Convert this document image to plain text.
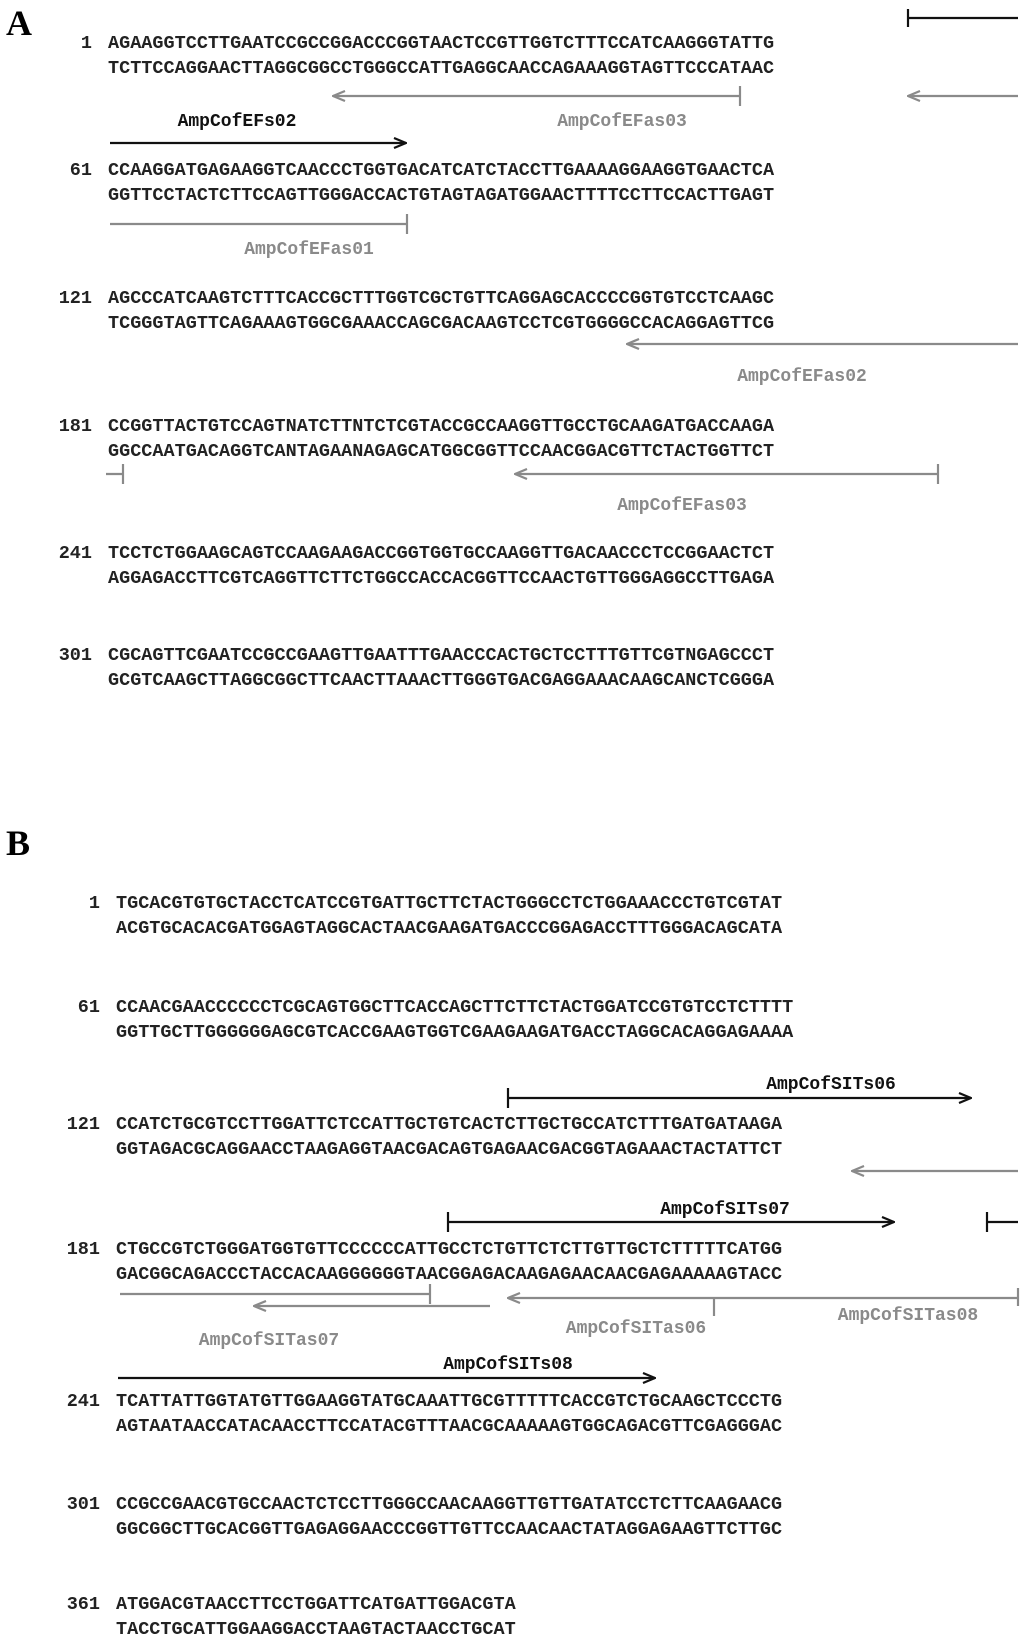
A
1 AGAAGGTCCTTGAATCCGCCGGACCCGGTAACTCCGTTGGTCTTTCCATCAAGGGTATTG
TCTTCCAGGAACTTAGGCGGCCTGGGCCATTGAGGCAACCAGAAAGGTAGTTCCCATAAC
61 CCAAGGATGAGAAGGTCAACCCTGGTGACATCATCTACCTTGAAAAGGAAGGTGAACTCA
GGTTCCTACTCTTCCAGTTGGGACCACTGTAGTAGATGGAACTTTTCCTTCCACTTGAGT
121 AGCCCATCAAGTCTTTCACCGCTTTGGTCGCTGTTCAGGAGCACCCCGGTGTCCTCAAGC
TCGGGTAGTTCAGAAAGTGGCGAAACCAGCGACAAGTCCTCGTGGGGCCACAGGAGTTCG
181 CCGGTTACTGTCCAGTNATCTTNTCTCGTACCGCCAAGGTTGCCTGCAAGATGACCAAGA
GGCCAATGACAGGTCANTAGAANAGAGCATGGCGGTTCCAACGGACGTTCTACTGGTTCT
241 TCCTCTGGAAGCAGTCCAAGAAGACCGGTGGTGCCAAGGTTGACAACCCTCCGGAACTCT
AGGAGACCTTCGTCAGGTTCTTCTGGCCACCACGGTTCCAACTGTTGGGAGGCCTTGAGA
301 CGCAGTTCGAATCCGCCGAAGTTGAATTTGAACCCACTGCTCCTTTGTTCGTNGAGCCCT
GCGTCAAGCTTAGGCGGCTTCAACTTAAACTTGGGTGACGAGGAAACAAGCANCTCGGGA
B
1 TGCACGTGTGCTACCTCATCCGTGATTGCTTCTACTGGGCCTCTGGAAACCCTGTCGTAT
ACGTGCACACGATGGAGTAGGCACTAACGAAGATGACCCGGAGACCTTTGGGACAGCATA
61 CCAACGAACCCCCCTCGCAGTGGCTTCACCAGCTTCTTCTACTGGATCCGTGTCCTCTTTT
GGTTGCTTGGGGGGAGCGTCACCGAAGTGGTCGAAGAAGATGACCTAGGCACAGGAGAAAA
121 CCATCTGCGTCCTTGGATTCTCCATTGCTGTCACTCTTGCTGCCATCTTTGATGATAAGA
GGTAGACGCAGGAACCTAAGAGGTAACGACAGTGAGAACGACGGTAGAAACTACTATTCT
181 CTGCCGTCTGGGATGGTGTTCCCCCCATTGCCTCTGTTCTCTTGTTGCTCTTTTTCATGG
GACGGCAGACCCTACCACAAGGGGGGTAACGGAGACAAGAGAACAACGAGAAAAAGTACC
241 TCATTATTGGTATGTTGGAAGGTATGCAAATTGCGTTTTTCACCGTCTGCAAGCTCCCTG
AGTAATAACCATACAACCTTCCATACGTTTAACGCAAAAAGTGGCAGACGTTCGAGGGAC
301 CCGCCGAACGTGCCAACTCTCCTTGGGCCAACAAGGTTGTTGATATCCTCTTCAAGAACG
GGCGGCTTGCACGGTTGAGAGGAACCCGGTTGTTCCAACAACTATAGGAGAAGTTCTTGC
361 ATGGACGTAACCTTCCTGGATTCATGATTGGACGTA
TACCTGCATTGGAAGGACCTAAGTACTAACCTGCAT
AmpCofEFas03
AmpCofEFs02
AmpCofEFas01
AmpCofEFas02
AmpCofEFas03
AmpCofSITs06
AmpCofSITs07
AmpCofSITas07
AmpCofSITas06
AmpCofSITas08
AmpCofSITs08
